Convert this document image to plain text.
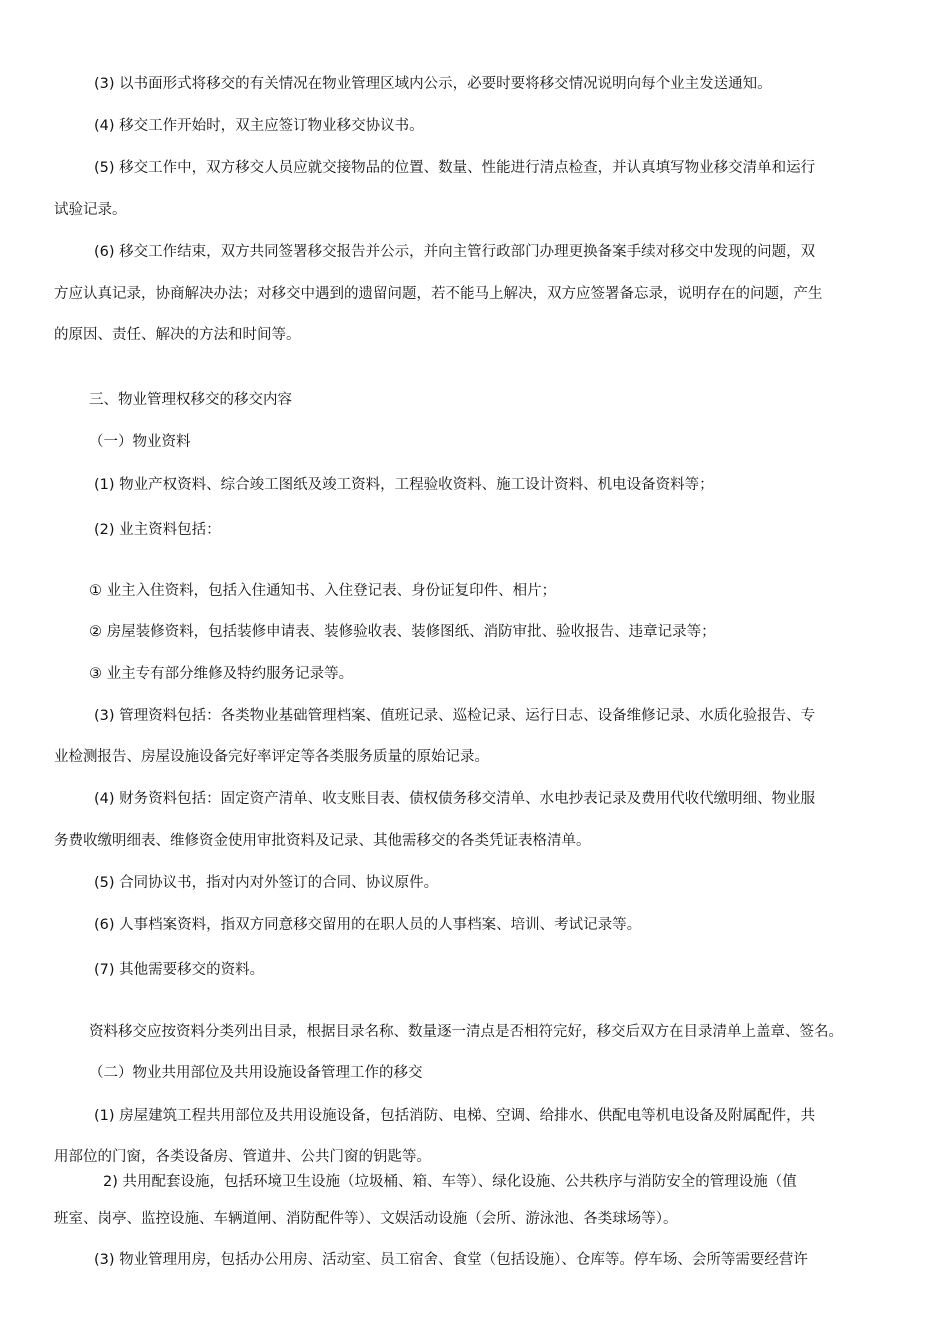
(3) 以书面形式将移交的有关情况在物业管理区域内公示，必要时要将移交情况说明向每个业主发送通知。
(4) 移交工作开始时，双主应签订物业移交协议书。
(5) 移交工作中，双方移交人员应就交接物品的位置、数量、性能进行清点检查，并认真填写物业移交清单和运行
试验记录。
(6) 移交工作结束，双方共同签署移交报告并公示，并向主管行政部门办理更换备案手续对移交中发现的问题，双
方应认真记录，协商解决办法；对移交中遇到的遗留问题，若不能马上解决，双方应签署备忘录，说明存在的问题，产生
的原因、责任、解决的方法和时间等。
三、物业管理权移交的移交内容
（一）物业资料
(1) 物业产权资料、综合竣工图纸及竣工资料，工程验收资料、施工设计资料、机电设备资料等；
(2) 业主资料包括：
① 业主入住资料，包括入住通知书、入住登记表、身份证复印件、相片；
② 房屋装修资料，包括装修申请表、装修验收表、装修图纸、消防审批、验收报告、违章记录等；
③ 业主专有部分维修及特约服务记录等。
(3) 管理资料包括：各类物业基础管理档案、值班记录、巡检记录、运行日志、设备维修记录、水质化验报告、专
业检测报告、房屋设施设备完好率评定等各类服务质量的原始记录。
(4) 财务资料包括：固定资产清单、收支账目表、债权债务移交清单、水电抄表记录及费用代收代缴明细、物业服
务费收缴明细表、维修资金使用审批资料及记录、其他需移交的各类凭证表格清单。
(5) 合同协议书，指对内对外签订的合同、协议原件。
(6) 人事档案资料，指双方同意移交留用的在职人员的人事档案、培训、考试记录等。
(7) 其他需要移交的资料。
资料移交应按资料分类列出目录，根据目录名称、数量逐一清点是否相符完好，移交后双方在目录清单上盖章、签名。
（二）物业共用部位及共用设施设备管理工作的移交
(1) 房屋建筑工程共用部位及共用设施设备，包括消防、电梯、空调、给排水、供配电等机电设备及附属配件，共
用部位的门窗，各类设备房、管道井、公共门窗的钥匙等。
2) 共用配套设施，包括环境卫生设施（垃圾桶、箱、车等）、绿化设施、公共秩序与消防安全的管理设施（值
班室、岗亭、监控设施、车辆道闸、消防配件等）、文娱活动设施（会所、游泳池、各类球场等）。
(3) 物业管理用房，包括办公用房、活动室、员工宿舍、食堂（包括设施）、仓库等。停车场、会所等需要经营许
